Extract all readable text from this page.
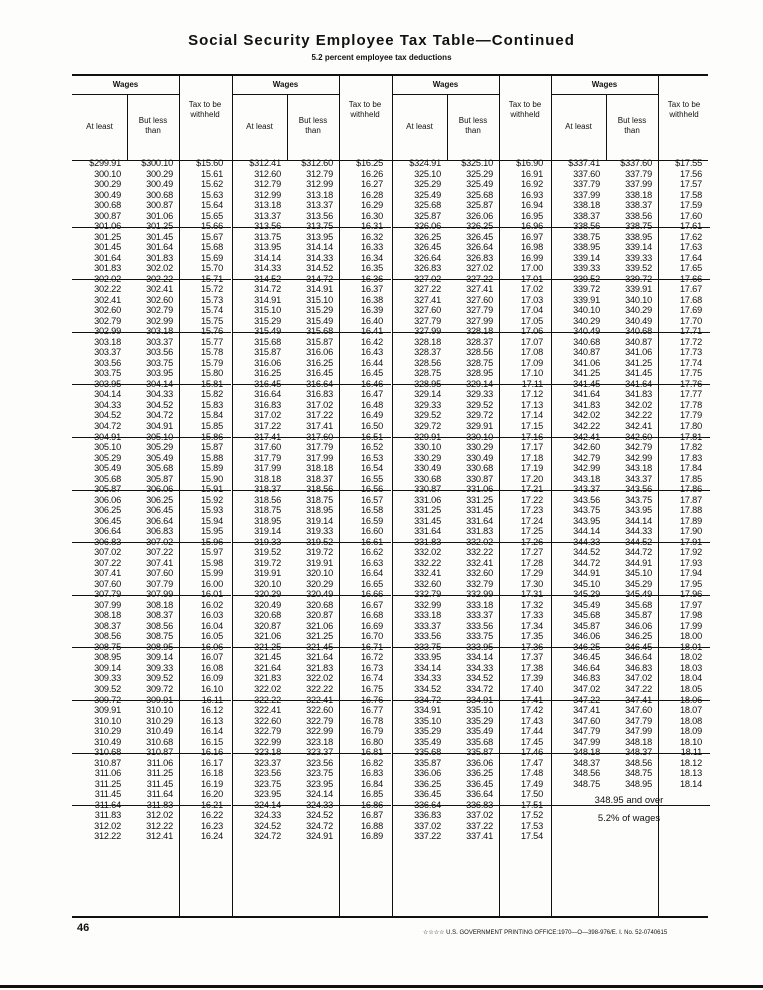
Social Security Employee Tax Table—Continued
5.2 percent employee tax deductions
Wages
At least
But less than
Tax to be withheld
$299.91	$300.10	$15.60
300.10	300.29	15.61
300.29	300.49	15.62
300.49	300.68	15.63
300.68	300.87	15.64
300.87	301.06	15.65
301.06	301.25	15.66
301.25	301.45	15.67
301.45	301.64	15.68
301.64	301.83	15.69
301.83	302.02	15.70
302.02	302.22	15.71
302.22	302.41	15.72
302.41	302.60	15.73
302.60	302.79	15.74
302.79	302.99	15.75
302.99	303.18	15.76
303.18	303.37	15.77
303.37	303.56	15.78
303.56	303.75	15.79
303.75	303.95	15.80
303.95	304.14	15.81
304.14	304.33	15.82
304.33	304.52	15.83
304.52	304.72	15.84
304.72	304.91	15.85
304.91	305.10	15.86
305.10	305.29	15.87
305.29	305.49	15.88
305.49	305.68	15.89
305.68	305.87	15.90
305.87	306.06	15.91
306.06	306.25	15.92
306.25	306.45	15.93
306.45	306.64	15.94
306.64	306.83	15.95
306.83	307.02	15.96
307.02	307.22	15.97
307.22	307.41	15.98
307.41	307.60	15.99
307.60	307.79	16.00
307.79	307.99	16.01
307.99	308.18	16.02
308.18	308.37	16.03
308.37	308.56	16.04
308.56	308.75	16.05
308.75	308.95	16.06
308.95	309.14	16.07
309.14	309.33	16.08
309.33	309.52	16.09
309.52	309.72	16.10
309.72	309.91	16.11
309.91	310.10	16.12
310.10	310.29	16.13
310.29	310.49	16.14
310.49	310.68	16.15
310.68	310.87	16.16
310.87	311.06	16.17
311.06	311.25	16.18
311.25	311.45	16.19
311.45	311.64	16.20
311.64	311.83	16.21
311.83	312.02	16.22
312.02	312.22	16.23
312.22	312.41	16.24
Wages
At least
But less than
Tax to be withheld
$312.41	$312.60	$16.25
312.60	312.79	16.26
312.79	312.99	16.27
312.99	313.18	16.28
313.18	313.37	16.29
313.37	313.56	16.30
313.56	313.75	16.31
313.75	313.95	16.32
313.95	314.14	16.33
314.14	314.33	16.34
314.33	314.52	16.35
314.52	314.72	16.36
314.72	314.91	16.37
314.91	315.10	16.38
315.10	315.29	16.39
315.29	315.49	16.40
315.49	315.68	16.41
315.68	315.87	16.42
315.87	316.06	16.43
316.06	316.25	16.44
316.25	316.45	16.45
316.45	316.64	16.46
316.64	316.83	16.47
316.83	317.02	16.48
317.02	317.22	16.49
317.22	317.41	16.50
317.41	317.60	16.51
317.60	317.79	16.52
317.79	317.99	16.53
317.99	318.18	16.54
318.18	318.37	16.55
318.37	318.56	16.56
318.56	318.75	16.57
318.75	318.95	16.58
318.95	319.14	16.59
319.14	319.33	16.60
319.33	319.52	16.61
319.52	319.72	16.62
319.72	319.91	16.63
319.91	320.10	16.64
320.10	320.29	16.65
320.29	320.49	16.66
320.49	320.68	16.67
320.68	320.87	16.68
320.87	321.06	16.69
321.06	321.25	16.70
321.25	321.45	16.71
321.45	321.64	16.72
321.64	321.83	16.73
321.83	322.02	16.74
322.02	322.22	16.75
322.22	322.41	16.76
322.41	322.60	16.77
322.60	322.79	16.78
322.79	322.99	16.79
322.99	323.18	16.80
323.18	323.37	16.81
323.37	323.56	16.82
323.56	323.75	16.83
323.75	323.95	16.84
323.95	324.14	16.85
324.14	324.33	16.86
324.33	324.52	16.87
324.52	324.72	16.88
324.72	324.91	16.89
Wages
At least
But less than
Tax to be withheld
$324.91	$325.10	$16.90
325.10	325.29	16.91
325.29	325.49	16.92
325.49	325.68	16.93
325.68	325.87	16.94
325.87	326.06	16.95
326.06	326.25	16.96
326.25	326.45	16.97
326.45	326.64	16.98
326.64	326.83	16.99
326.83	327.02	17.00
327.02	327.22	17.01
327.22	327.41	17.02
327.41	327.60	17.03
327.60	327.79	17.04
327.79	327.99	17.05
327.99	328.18	17.06
328.18	328.37	17.07
328.37	328.56	17.08
328.56	328.75	17.09
328.75	328.95	17.10
328.95	329.14	17.11
329.14	329.33	17.12
329.33	329.52	17.13
329.52	329.72	17.14
329.72	329.91	17.15
329.91	330.10	17.16
330.10	330.29	17.17
330.29	330.49	17.18
330.49	330.68	17.19
330.68	330.87	17.20
330.87	331.06	17.21
331.06	331.25	17.22
331.25	331.45	17.23
331.45	331.64	17.24
331.64	331.83	17.25
331.83	332.02	17.26
332.02	332.22	17.27
332.22	332.41	17.28
332.41	332.60	17.29
332.60	332.79	17.30
332.79	332.99	17.31
332.99	333.18	17.32
333.18	333.37	17.33
333.37	333.56	17.34
333.56	333.75	17.35
333.75	333.95	17.36
333.95	334.14	17.37
334.14	334.33	17.38
334.33	334.52	17.39
334.52	334.72	17.40
334.72	334.91	17.41
334.91	335.10	17.42
335.10	335.29	17.43
335.29	335.49	17.44
335.49	335.68	17.45
335.68	335.87	17.46
335.87	336.06	17.47
336.06	336.25	17.48
336.25	336.45	17.49
336.45	336.64	17.50
336.64	336.83	17.51
336.83	337.02	17.52
337.02	337.22	17.53
337.22	337.41	17.54
Wages
At least
But less than
Tax to be withheld
$337.41	$337.60	$17.55
337.60	337.79	17.56
337.79	337.99	17.57
337.99	338.18	17.58
338.18	338.37	17.59
338.37	338.56	17.60
338.56	338.75	17.61
338.75	338.95	17.62
338.95	339.14	17.63
339.14	339.33	17.64
339.33	339.52	17.65
339.52	339.72	17.66
339.72	339.91	17.67
339.91	340.10	17.68
340.10	340.29	17.69
340.29	340.49	17.70
340.49	340.68	17.71
340.68	340.87	17.72
340.87	341.06	17.73
341.06	341.25	17.74
341.25	341.45	17.75
341.45	341.64	17.76
341.64	341.83	17.77
341.83	342.02	17.78
342.02	342.22	17.79
342.22	342.41	17.80
342.41	342.60	17.81
342.60	342.79	17.82
342.79	342.99	17.83
342.99	343.18	17.84
343.18	343.37	17.85
343.37	343.56	17.86
343.56	343.75	17.87
343.75	343.95	17.88
343.95	344.14	17.89
344.14	344.33	17.90
344.33	344.52	17.91
344.52	344.72	17.92
344.72	344.91	17.93
344.91	345.10	17.94
345.10	345.29	17.95
345.29	345.49	17.96
345.49	345.68	17.97
345.68	345.87	17.98
345.87	346.06	17.99
346.06	346.25	18.00
346.25	346.45	18.01
346.45	346.64	18.02
346.64	346.83	18.03
346.83	347.02	18.04
347.02	347.22	18.05
347.22	347.41	18.06
347.41	347.60	18.07
347.60	347.79	18.08
347.79	347.99	18.09
347.99	348.18	18.10
348.18	348.37	18.11
348.37	348.56	18.12
348.56	348.75	18.13
348.75	348.95	18.14
348.95 and over
5.2% of wages
46	☆☆☆☆ U.S. GOVERNMENT PRINTING OFFICE:1970—O—398-976/E. I. No. 52-0740615
